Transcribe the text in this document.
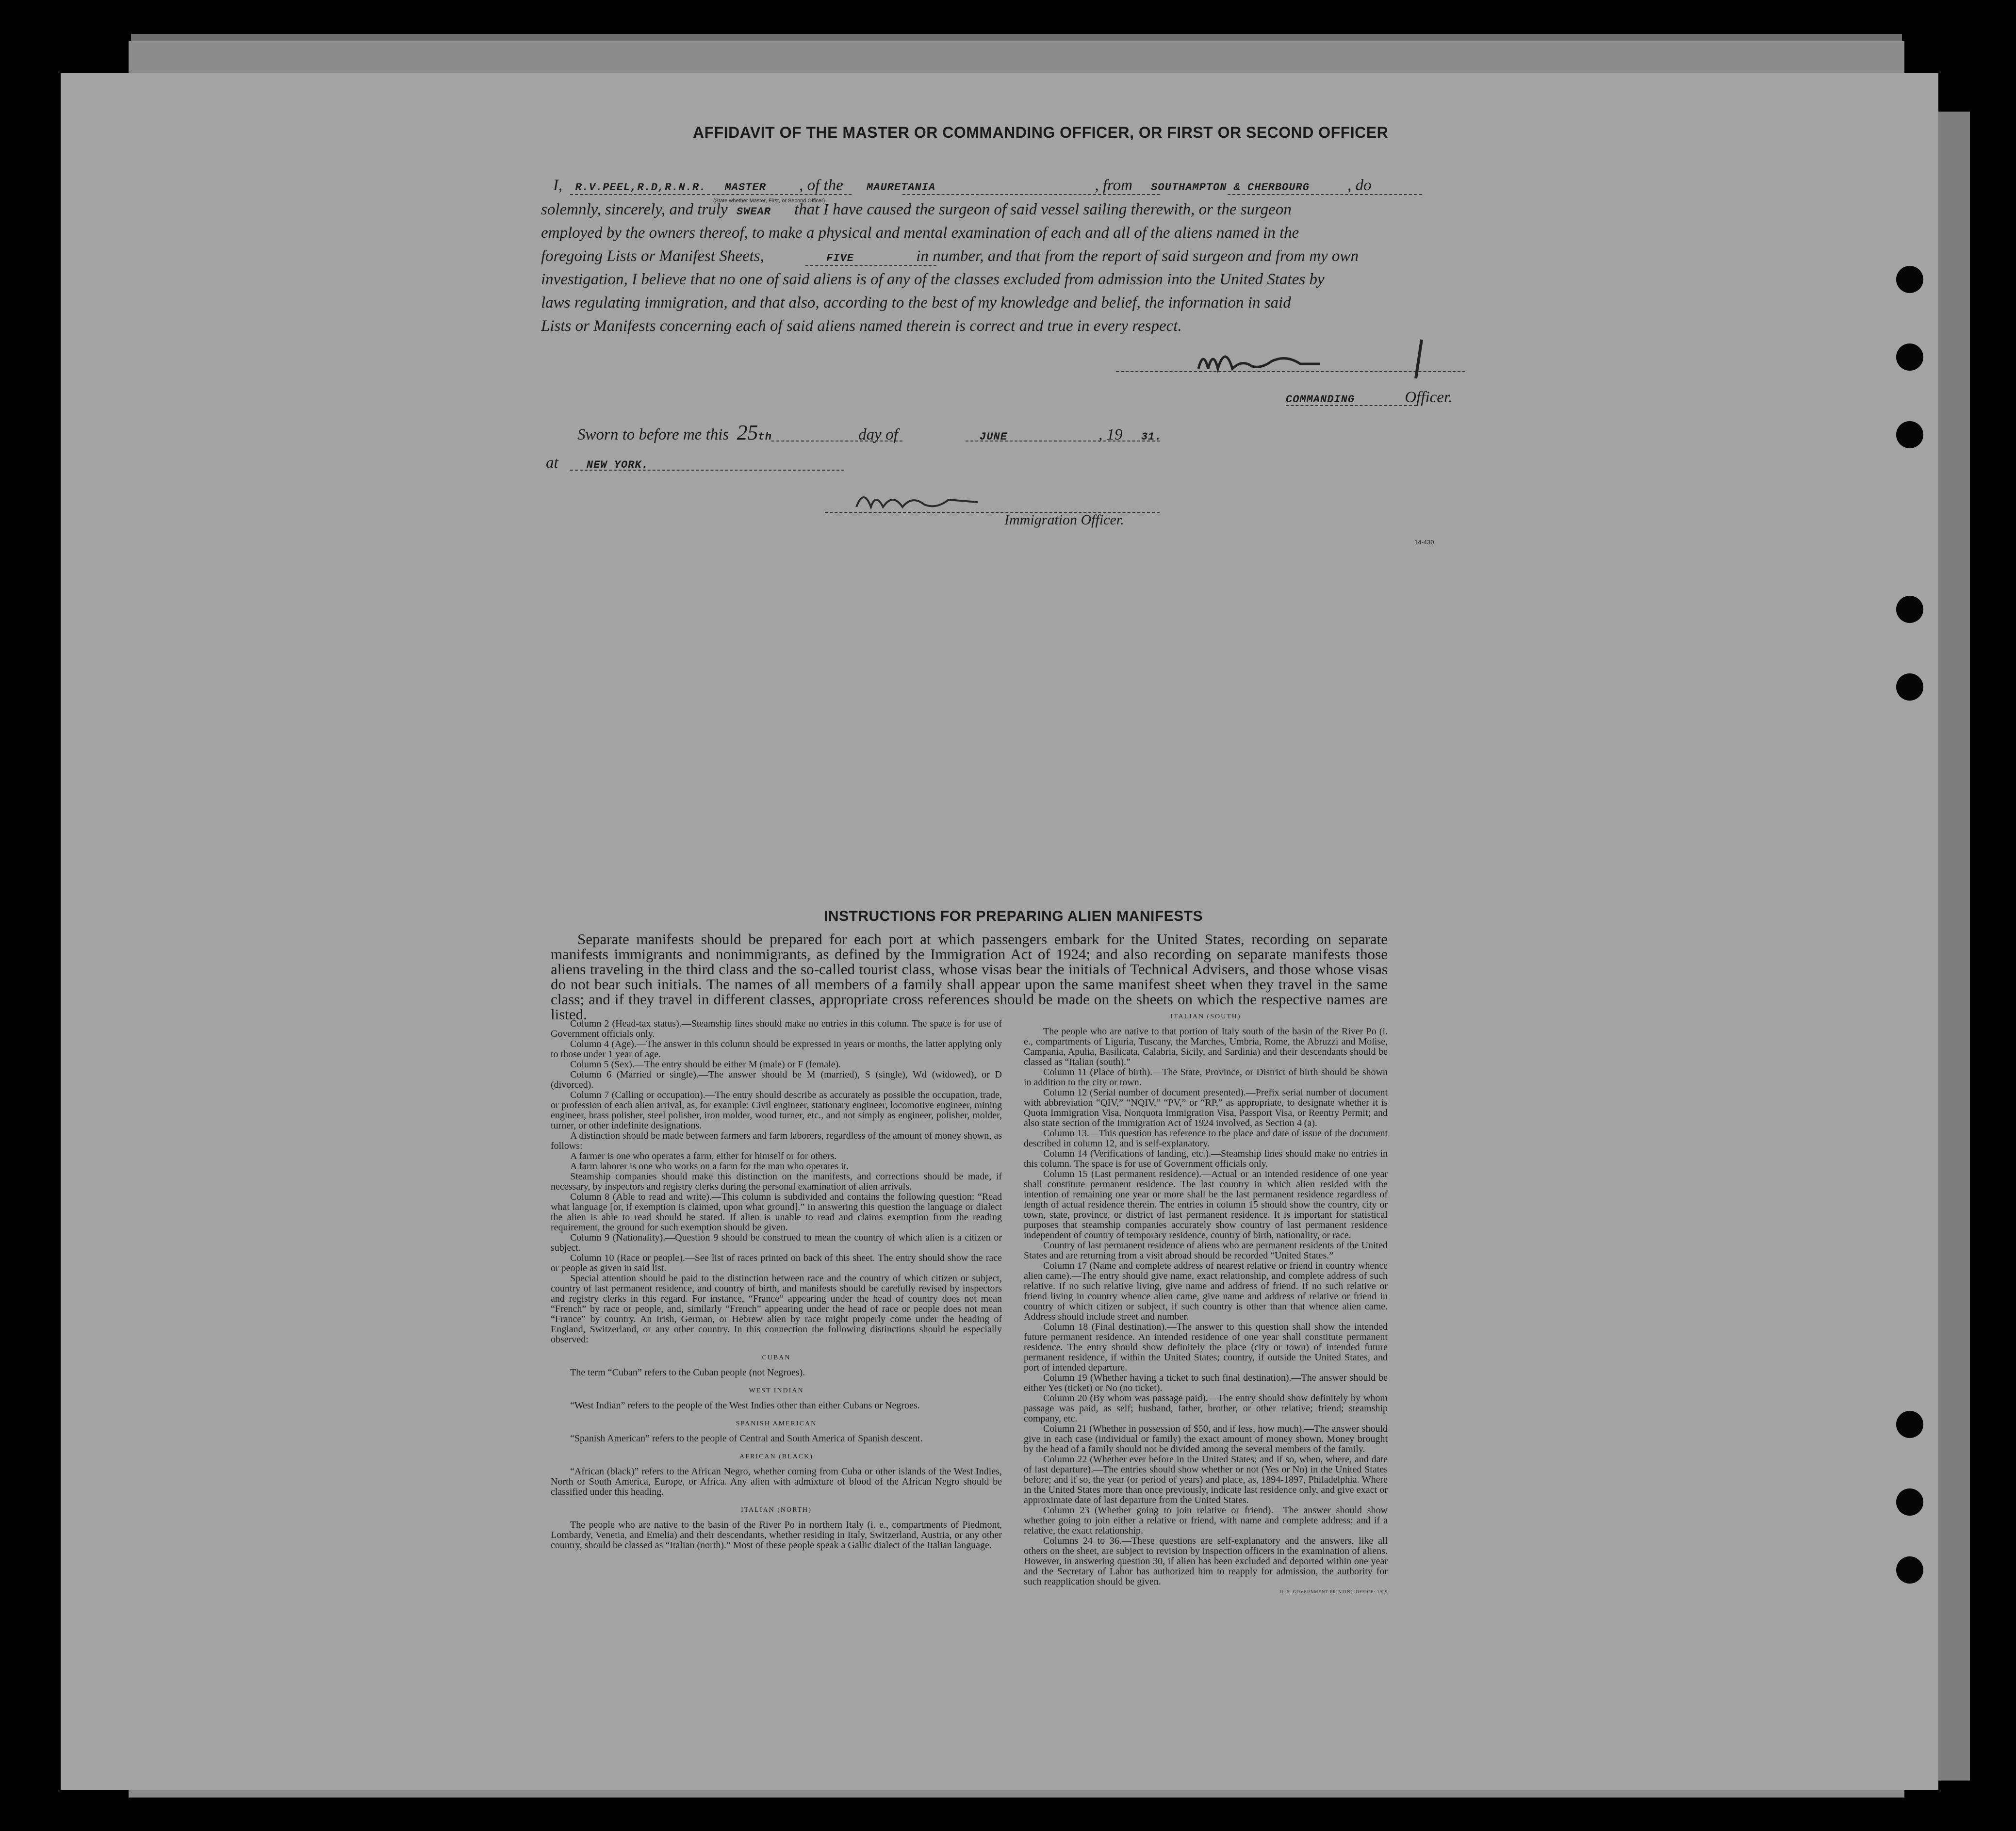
AFFIDAVIT OF THE MASTER OR COMMANDING OFFICER, OR FIRST OR SECOND OFFICER
I, R.V.PEEL,R.D,R.N.R. MASTER , of the MAURETANIA	, from SOUTHAMPTON & CHERBOURG , do
(State whether Master, First, or Second Officer)
solemnly, sincerely, and truly SWEAR that I have caused the surgeon of said vessel sailing therewith, or the surgeon
employed by the owners thereof, to make a physical and mental examination of each and all of the aliens named in the
foregoing Lists or Manifest Sheets,	FIVE	in number, and that from the report of said surgeon and from my own
investigation, I believe that no one of said aliens is of any of the classes excluded from admission into the United States by
laws regulating immigration, and that also, according to the best of my knowledge and belief, the information in said
Lists or Manifests concerning each of said aliens named therein is correct and true in every respect.
COMMANDING	Officer.
Sworn to before me this 25th	day of	JUNE	, 19 31.
at	NEW YORK.
Immigration Officer.
14-430
INSTRUCTIONS FOR PREPARING ALIEN MANIFESTS
Separate manifests should be prepared for each port at which passengers embark for the United States, recording on separate manifests immigrants and nonimmigrants, as defined by the Immigration Act of 1924; and also recording on separate manifests those aliens traveling in the third class and the so-called tourist class, whose visas bear the initials of Technical Advisers, and those whose visas do not bear such initials. The names of all members of a family shall appear upon the same manifest sheet when they travel in the same class; and if they travel in different classes, appropriate cross references should be made on the sheets on which the respective names are listed.

Column 2 (Head-tax status).—Steamship lines should make no entries in this column. The space is for use of Government officials only.

Column 4 (Age).—The answer in this column should be expressed in years or months, the latter applying only to those under 1 year of age.

Column 5 (Sex).—The entry should be either M (male) or F (female).

Column 6 (Married or single).—The answer should be M (married), S (single), Wd (widowed), or D (divorced).

Column 7 (Calling or occupation).—The entry should describe as accurately as possible the occupation, trade, or profession of each alien arrival, as, for example: Civil engineer, stationary engineer, locomotive engineer, mining engineer, brass polisher, steel polisher, iron molder, wood turner, etc., and not simply as engineer, polisher, molder, turner, or other indefinite designations.

A distinction should be made between farmers and farm laborers, regardless of the amount of money shown, as follows:

A farmer is one who operates a farm, either for himself or for others.

A farm laborer is one who works on a farm for the man who operates it.

Steamship companies should make this distinction on the manifests, and corrections should be made, if necessary, by inspectors and registry clerks during the personal examination of alien arrivals.

Column 8 (Able to read and write).—This column is subdivided and contains the following question: “Read what language [or, if exemption is claimed, upon what ground].” In answering this question the language or dialect the alien is able to read should be stated. If alien is unable to read and claims exemption from the reading requirement, the ground for such exemption should be given.

Column 9 (Nationality).—Question 9 should be construed to mean the country of which alien is a citizen or subject.

Column 10 (Race or people).—See list of races printed on back of this sheet. The entry should show the race or people as given in said list.

Special attention should be paid to the distinction between race and the country of which citizen or subject, country of last permanent residence, and country of birth, and manifests should be carefully revised by inspectors and registry clerks in this regard. For instance, “France” appearing under the head of country does not mean “French” by race or people, and, similarly “French” appearing under the head of race or people does not mean “France” by country. An Irish, German, or Hebrew alien by race might properly come under the heading of England, Switzerland, or any other country. In this connection the following distinctions should be especially observed:

CUBAN

The term “Cuban” refers to the Cuban people (not Negroes).

WEST INDIAN

“West Indian” refers to the people of the West Indies other than either Cubans or Negroes.

SPANISH AMERICAN

“Spanish American” refers to the people of Central and South America of Spanish descent.

AFRICAN (BLACK)

“African (black)” refers to the African Negro, whether coming from Cuba or other islands of the West Indies, North or South America, Europe, or Africa. Any alien with admixture of blood of the African Negro should be classified under this heading.

ITALIAN (NORTH)

The people who are native to the basin of the River Po in northern Italy (i. e., compartments of Piedmont, Lombardy, Venetia, and Emelia) and their descendants, whether residing in Italy, Switzerland, Austria, or any other country, should be classed as “Italian (north).” Most of these people speak a Gallic dialect of the Italian language.

ITALIAN (SOUTH)

The people who are native to that portion of Italy south of the basin of the River Po (i. e., compartments of Liguria, Tuscany, the Marches, Umbria, Rome, the Abruzzi and Molise, Campania, Apulia, Basilicata, Calabria, Sicily, and Sardinia) and their descendants should be classed as “Italian (south).”

Column 11 (Place of birth).—The State, Province, or District of birth should be shown in addition to the city or town.

Column 12 (Serial number of document presented).—Prefix serial number of document with abbreviation “QIV,” “NQIV,” “PV,” or “RP,” as appropriate, to designate whether it is Quota Immigration Visa, Nonquota Immigration Visa, Passport Visa, or Reentry Permit; and also state section of the Immigration Act of 1924 involved, as Section 4 (a).

Column 13.—This question has reference to the place and date of issue of the document described in column 12, and is self-explanatory.

Column 14 (Verifications of landing, etc.).—Steamship lines should make no entries in this column. The space is for use of Government officials only.

Column 15 (Last permanent residence).—Actual or an intended residence of one year shall constitute permanent residence. The last country in which alien resided with the intention of remaining one year or more shall be the last permanent residence regardless of length of actual residence therein. The entries in column 15 should show the country, city or town, state, province, or district of last permanent residence. It is important for statistical purposes that steamship companies accurately show country of last permanent residence independent of country of temporary residence, country of birth, nationality, or race.

Country of last permanent residence of aliens who are permanent residents of the United States and are returning from a visit abroad should be recorded “United States.”

Column 17 (Name and complete address of nearest relative or friend in country whence alien came).—The entry should give name, exact relationship, and complete address of such relative. If no such relative living, give name and address of friend. If no such relative or friend living in country whence alien came, give name and address of relative or friend in country of which citizen or subject, if such country is other than that whence alien came. Address should include street and number.

Column 18 (Final destination).—The answer to this question shall show the intended future permanent residence. An intended residence of one year shall constitute permanent residence. The entry should show definitely the place (city or town) of intended future permanent residence, if within the United States; country, if outside the United States, and port of intended departure.

Column 19 (Whether having a ticket to such final destination).—The answer should be either Yes (ticket) or No (no ticket).

Column 20 (By whom was passage paid).—The entry should show definitely by whom passage was paid, as self; husband, father, brother, or other relative; friend; steamship company, etc.

Column 21 (Whether in possession of $50, and if less, how much).—The answer should give in each case (individual or family) the exact amount of money shown. Money brought by the head of a family should not be divided among the several members of the family.

Column 22 (Whether ever before in the United States; and if so, when, where, and date of last departure).—The entries should show whether or not (Yes or No) in the United States before; and if so, the year (or period of years) and place, as, 1894-1897, Philadelphia. Where in the United States more than once previously, indicate last residence only, and give exact or approximate date of last departure from the United States.

Column 23 (Whether going to join relative or friend).—The answer should show whether going to join either a relative or friend, with name and complete address; and if a relative, the exact relationship.

Columns 24 to 36.—These questions are self-explanatory and the answers, like all others on the sheet, are subject to revision by inspection officers in the examination of aliens. However, in answering question 30, if alien has been excluded and deported within one year and the Secretary of Labor has authorized him to reapply for admission, the authority for such reapplication should be given.

U. S. GOVERNMENT PRINTING OFFICE: 1929
